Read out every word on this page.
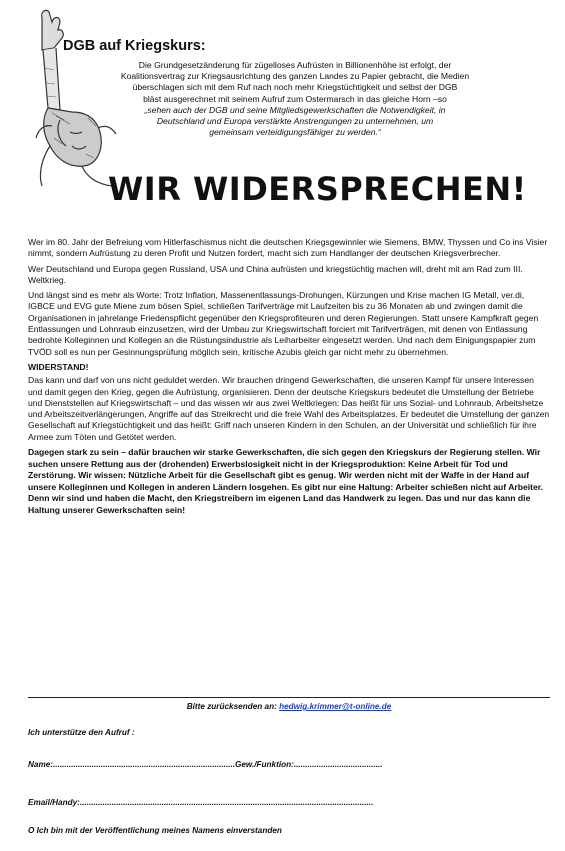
DGB auf Kriegskurs:

Die Grundgesetzänderung für zügelloses Aufrüsten in Billionenhöhe ist erfolgt, der

Koalitionsvertrag zur Kriegsausrichtung des ganzen Landes zu Papier gebracht, die Medien

überschlagen sich mit dem Ruf nach noch mehr Kriegstüchtigkeit und selbst der DGB

bläst ausgerechnet mit seinem Aufruf zum Ostermarsch in das gleiche Horn –so

„sehen auch der DGB und seine Mitgliedsgewerkschaften die Notwendigkeit, in

Deutschland und Europa verstärkte Anstrengungen zu unternehmen, um

gemeinsam verteidigungsfähiger zu werden.“

WIR WIDERSPRECHEN!

Wer im 80. Jahr der Befreiung vom Hitlerfaschismus nicht die deutschen Kriegsgewinnler wie Siemens, BMW, Thyssen und Co ins Visier nimmt, sondern Aufrüstung zu deren Profit und Nutzen fordert, macht sich zum Handlanger der deutschen Kriegsverbrecher.

Wer Deutschland und Europa gegen Russland, USA und China aufrüsten und kriegstüchtig machen will, dreht mit am Rad zum III. Weltkrieg.

Und längst sind es mehr als Worte: Trotz Inflation, Massenentlassungs-Drohungen, Kürzungen und Krise machen IG Metall, ver.di, IGBCE und EVG gute Miene zum bösen Spiel, schließen Tarifverträge mit Laufzeiten bis zu 36 Monaten ab und zwingen damit die Organisationen in jahrelange Friedenspflicht gegenüber den Kriegsprofiteuren und deren Regierungen. Statt unsere Kampfkraft gegen Entlassungen und Lohnraub einzusetzen, wird der Umbau zur Kriegswirtschaft forciert mit Tarifverträgen, mit denen von Entlassung bedrohte Kolleginnen und Kollegen an die Rüstungsindustrie als Leiharbeiter eingesetzt werden. Und nach dem Einigungspapier zum TVÖD soll es nun per Gesinnungsprüfung möglich sein, kritische Azubis gleich gar nicht mehr zu übernehmen.

WIDERSTAND!

Das kann und darf von uns nicht geduldet werden. Wir brauchen dringend Gewerkschaften, die unseren Kampf für unsere Interessen und damit gegen den Krieg, gegen die Aufrüstung, organisieren. Denn der deutsche Kriegskurs bedeutet die Umstellung der Betriebe und Dienststellen auf Kriegswirtschaft – und das wissen wir aus zwei Weltkriegen: Das heißt für uns Sozial- und Lohnraub, Arbeitshetze und Arbeitszeitverlängerungen, Angriffe auf das Streikrecht und die freie Wahl des Arbeitsplatzes. Er bedeutet die Umstellung der ganzen Gesellschaft auf Kriegstüchtigkeit und das heißt: Griff nach unseren Kindern in den Schulen, an der Universität und schließlich für ihre Armee zum Töten und Getötet werden.

Dagegen stark zu sein – dafür brauchen wir starke Gewerkschaften, die sich gegen den Kriegskurs der Regierung stellen. Wir suchen unsere Rettung aus der (drohenden) Erwerbslosigkeit nicht in der Kriegsproduktion: Keine Arbeit für Tod und Zerstörung. Wir wissen: Nützliche Arbeit für die Gesellschaft gibt es genug. Wir werden nicht mit der Waffe in der Hand auf unsere Kolleginnen und Kollegen in anderen Ländern losgehen. Es gibt nur eine Haltung: Arbeiter schießen nicht auf Arbeiter. Denn wir sind und haben die Macht, den Kriegstreibern im eigenen Land das Handwerk zu legen. Das und nur das kann die Haltung unserer Gewerkschaften sein!

Bitte zurücksenden an: hedwig.krimmer@t-online.de
Ich unterstütze den Aufruf :
Name:................................................................................Gew./Funktion:.......................................
Email/Handy:.................................................................................................................................
O Ich bin mit der Veröffentlichung meines Namens einverstanden
